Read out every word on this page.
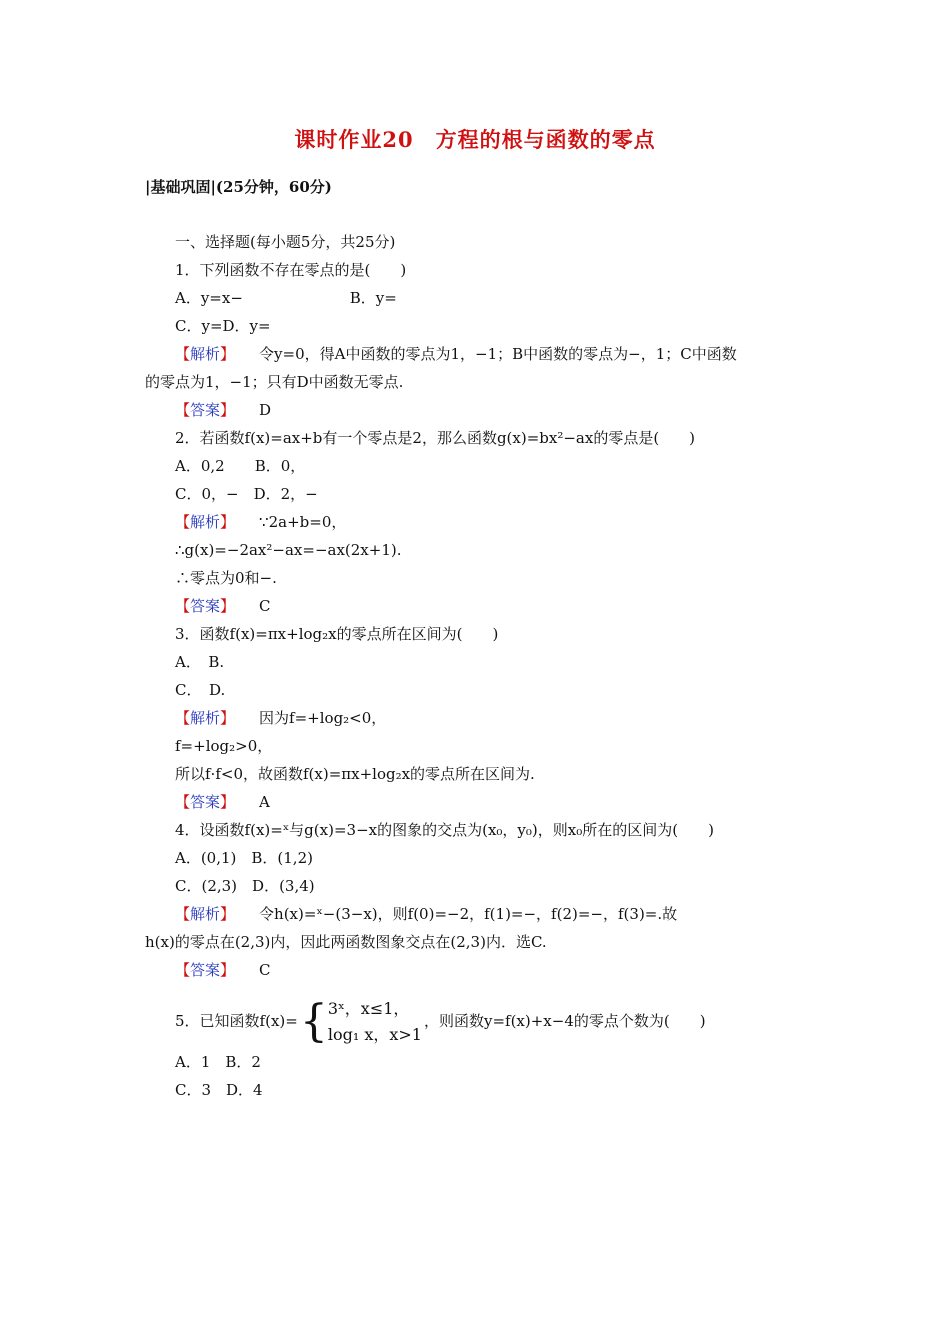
课时作业20　方程的根与函数的零点
|基础巩固|(25分钟，60分)
一、选择题(每小题5分，共25分)
1．下列函数不存在零点的是(　　)
A．y=x−	B．y=
C．y=D．y=
【解析】 令y=0，得A中函数的零点为1，−1；B中函数的零点为−，1；C中函数
的零点为1，−1；只有D中函数无零点.
【答案】 D
2．若函数f(x)=ax+b有一个零点是2，那么函数g(x)=bx²−ax的零点是(　　)
A．0,2　　B．0，
C．0，−　D．2，−
【解析】 ∵2a+b=0，
∴g(x)=−2ax²−ax=−ax(2x+1).
∴零点为0和−.
【答案】 C
3．函数f(x)=πx+log₂x的零点所在区间为(　　)
A．　B.
C．　D.
【解析】 因为f=+log₂<0，
f=+log₂>0，
所以f·f<0，故函数f(x)=πx+log₂x的零点所在区间为.
【答案】 A
4．设函数f(x)=ˣ与g(x)=3−x的图象的交点为(x₀，y₀)，则x₀所在的区间为(　　)
A．(0,1)　B．(1,2)
C．(2,3)　D．(3,4)
【解析】 令h(x)=ˣ−(3−x)，则f(0)=−2，f(1)=−，f(2)=−，f(3)=.故
h(x)的零点在(2,3)内，因此两函数图象交点在(2,3)内．选C.
【答案】 C
5．已知函数f(x)={3ˣ，x≤1，
log₁ x，x>1，则函数y=f(x)+x−4的零点个数为(　　)
A．1　B．2
C．3　D．4
